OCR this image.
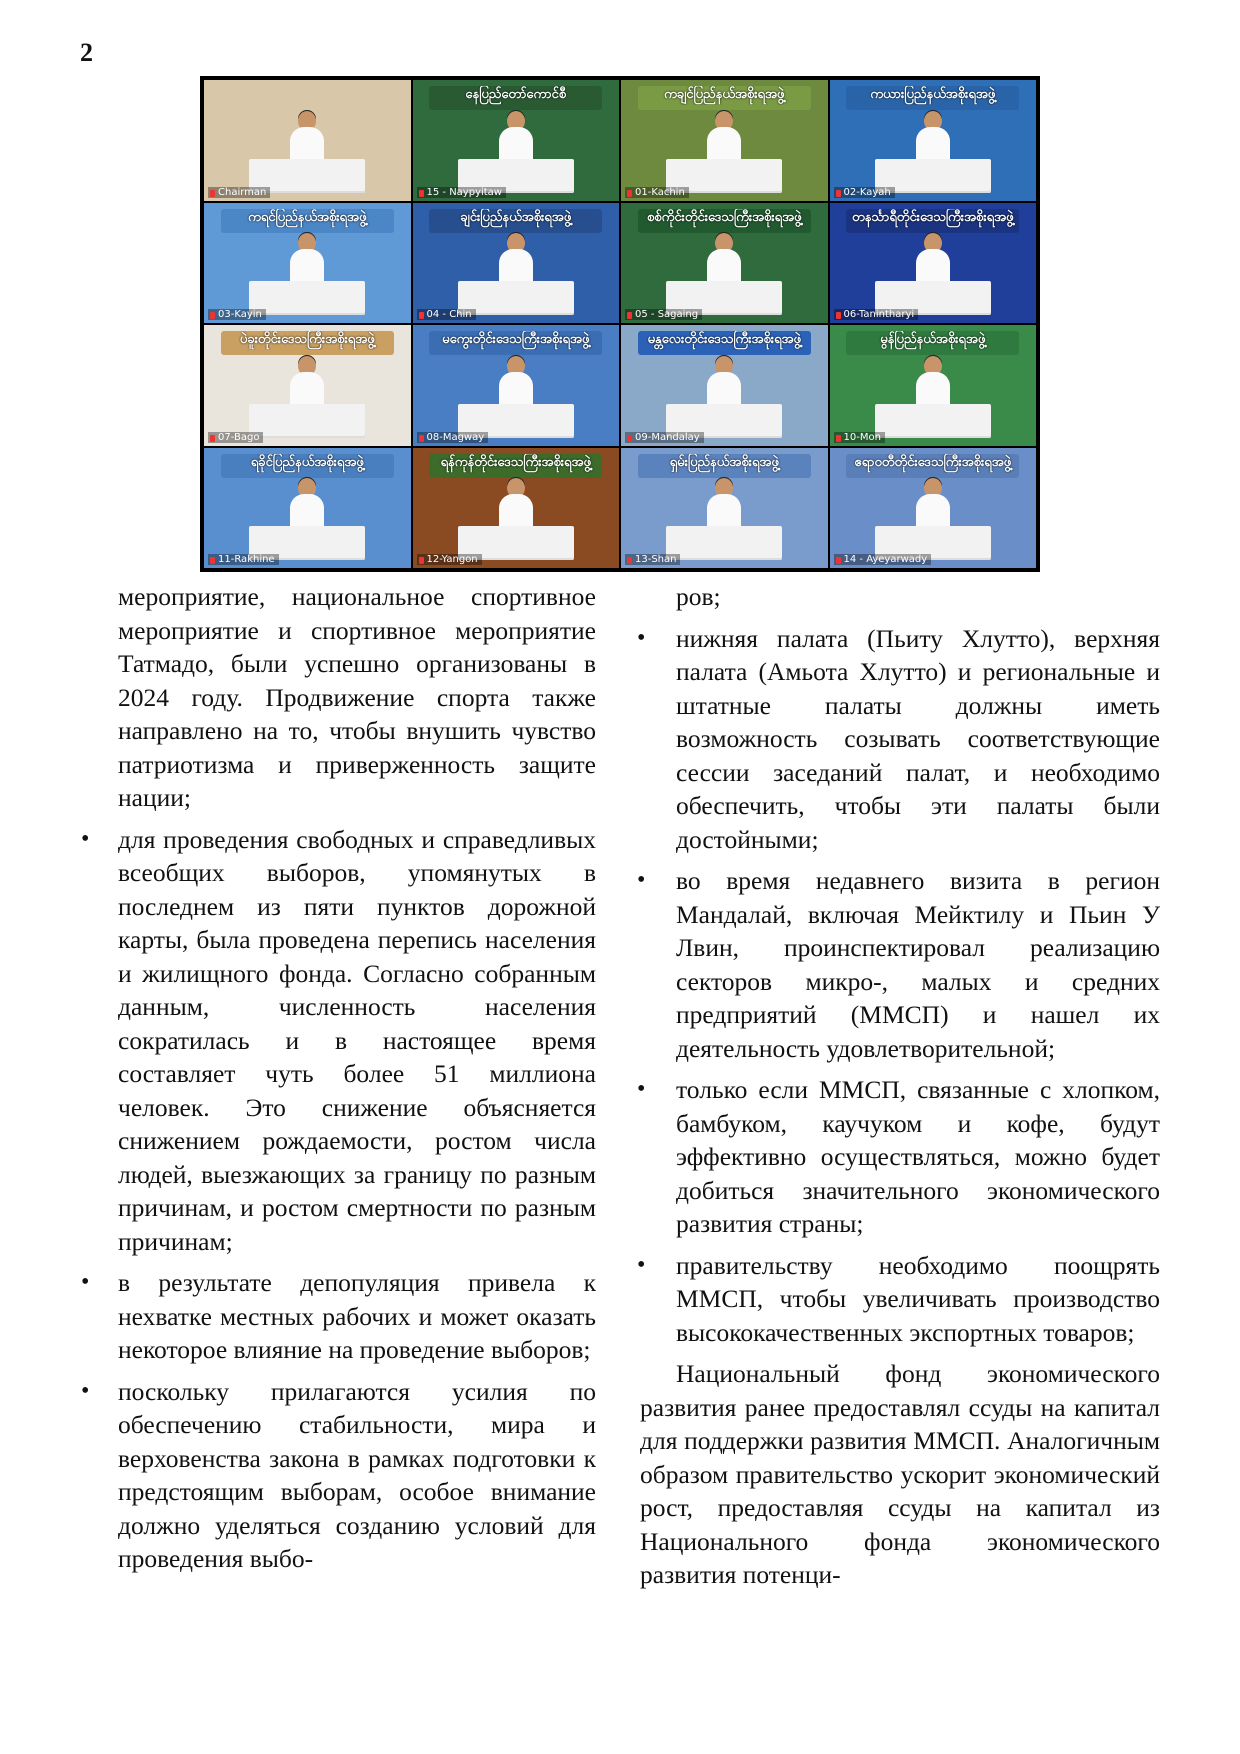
2
Chairman
နေပြည်တော်ကောင်စီ
15 - Naypyitaw
ကချင်ပြည်နယ်အစိုးရအဖွဲ့
01-Kachin
ကယားပြည်နယ်အစိုးရအဖွဲ့
02-Kayah
ကရင်ပြည်နယ်အစိုးရအဖွဲ့
03-Kayin
ချင်းပြည်နယ်အစိုးရအဖွဲ့
04 - Chin
စစ်ကိုင်းတိုင်းဒေသကြီးအစိုးရအဖွဲ့
05 - Sagaing
တနင်္သာရီတိုင်းဒေသကြီးအစိုးရအဖွဲ့
06-Tanintharyi
ပဲခူးတိုင်းဒေသကြီးအစိုးရအဖွဲ့
07-Bago
မကွေးတိုင်းဒေသကြီးအစိုးရအဖွဲ့
08-Magway
မန္တလေးတိုင်းဒေသကြီးအစိုးရအဖွဲ့
09-Mandalay
မွန်ပြည်နယ်အစိုးရအဖွဲ့
10-Mon
ရခိုင်ပြည်နယ်အစိုးရအဖွဲ့
11-Rakhine
ရန်ကုန်တိုင်းဒေသကြီးအစိုးရအဖွဲ့
12-Yangon
ရှမ်းပြည်နယ်အစိုးရအဖွဲ့
13-Shan
ဧရာဝတီတိုင်းဒေသကြီးအစိုးရအဖွဲ့
14 - Ayeyarwady

мероприятие, национальное спортивное мероприятие и спортивное мероприятие Татмадо, были успешно организованы в 2024 году. Продвижение спорта также направлено на то, чтобы внушить чувство патриотизма и приверженность защите нации;

• для проведения свободных и справедливых всеобщих выборов, упомянутых в последнем из пяти пунктов дорожной карты, была проведена перепись населения и жилищного фонда. Согласно собранным данным, численность населения сократилась и в настоящее время составляет чуть более 51 миллиона человек. Это снижение объясняется снижением рождаемости, ростом числа людей, выезжающих за границу по разным причинам, и ростом смертности по разным причинам;

• в результате депопуляция привела к нехватке местных рабочих и может оказать некоторое влияние на проведение выборов;

• поскольку прилагаются усилия по обеспечению стабильности, мира и верховенства закона в рамках подготовки к предстоящим выборам, особое внимание должно уделяться созданию условий для проведения выбо-

ров;

• нижняя палата (Пьиту Хлутто), верхняя палата (Амьота Хлутто) и региональные и штатные палаты должны иметь возможность созывать соответствующие сессии заседаний палат, и необходимо обеспечить, чтобы эти палаты были достойными;

• во время недавнего визита в регион Мандалай, включая Мейктилу и Пьин У Лвин, проинспектировал реализацию секторов микро-, малых и средних предприятий (ММСП) и нашел их деятельность удовлетворительной;

• только если ММСП, связанные с хлопком, бамбуком, каучуком и кофе, будут эффективно осуществляться, можно будет добиться значительного экономического развития страны;

• правительству необходимо поощрять ММСП, чтобы увеличивать производство высококачественных экспортных товаров;

Национальный фонд экономического развития ранее предоставлял ссуды на капитал для поддержки развития ММСП. Аналогичным образом правительство ускорит экономический рост, предоставляя ссуды на капитал из Национального фонда экономического развития потенци-
